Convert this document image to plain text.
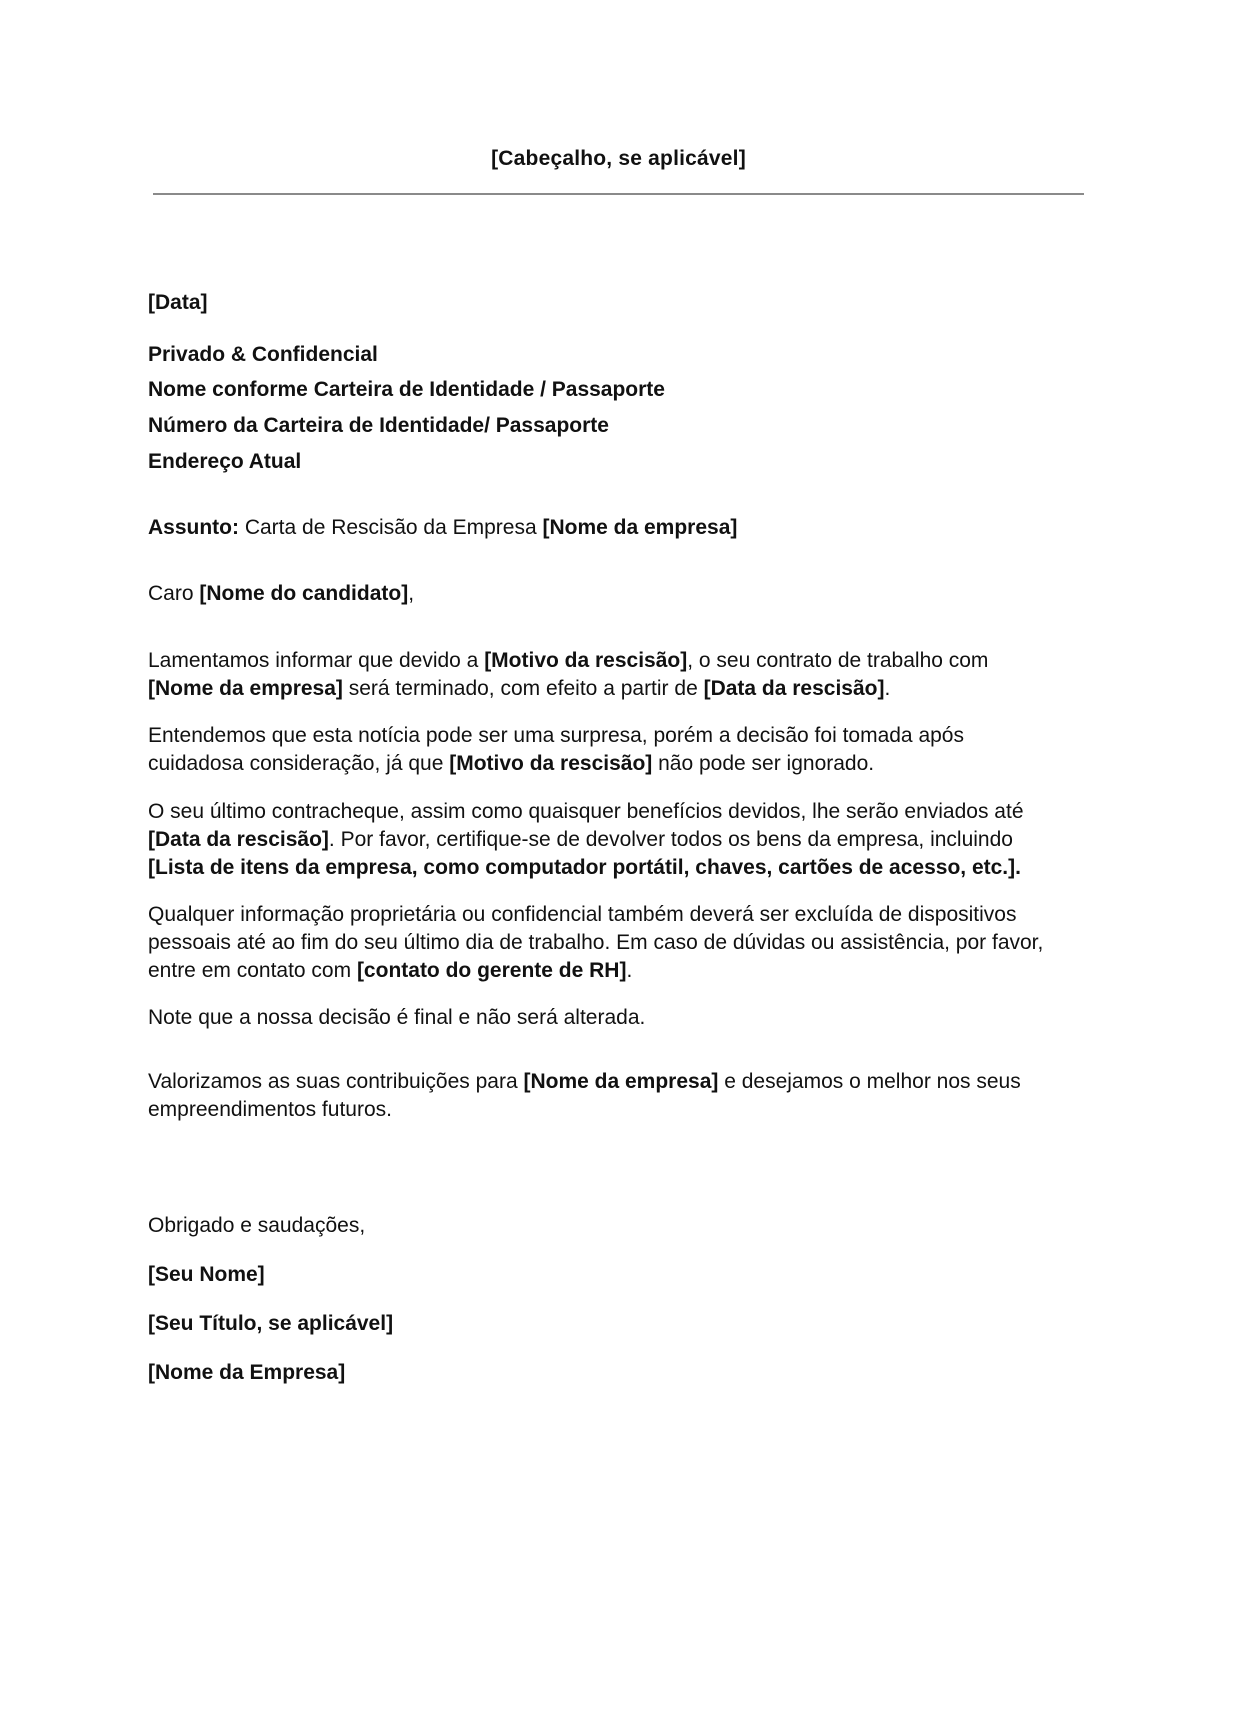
[Cabeçalho, se aplicável]
[Data]
Privado & Confidencial
Nome conforme Carteira de Identidade / Passaporte
Número da Carteira de Identidade/ Passaporte
Endereço Atual
Assunto: Carta de Rescisão da Empresa [Nome da empresa]
Caro [Nome do candidato],
Lamentamos informar que devido a [Motivo da rescisão], o seu contrato de trabalho com
[Nome da empresa] será terminado, com efeito a partir de [Data da rescisão].
Entendemos que esta notícia pode ser uma surpresa, porém a decisão foi tomada após
cuidadosa consideração, já que [Motivo da rescisão] não pode ser ignorado.
O seu último contracheque, assim como quaisquer benefícios devidos, lhe serão enviados até
[Data da rescisão]. Por favor, certifique-se de devolver todos os bens da empresa, incluindo
[Lista de itens da empresa, como computador portátil, chaves, cartões de acesso, etc.].
Qualquer informação proprietária ou confidencial também deverá ser excluída de dispositivos
pessoais até ao fim do seu último dia de trabalho. Em caso de dúvidas ou assistência, por favor,
entre em contato com [contato do gerente de RH].
Note que a nossa decisão é final e não será alterada.
Valorizamos as suas contribuições para [Nome da empresa] e desejamos o melhor nos seus
empreendimentos futuros.
Obrigado e saudações,
[Seu Nome]
[Seu Título, se aplicável]
[Nome da Empresa]
